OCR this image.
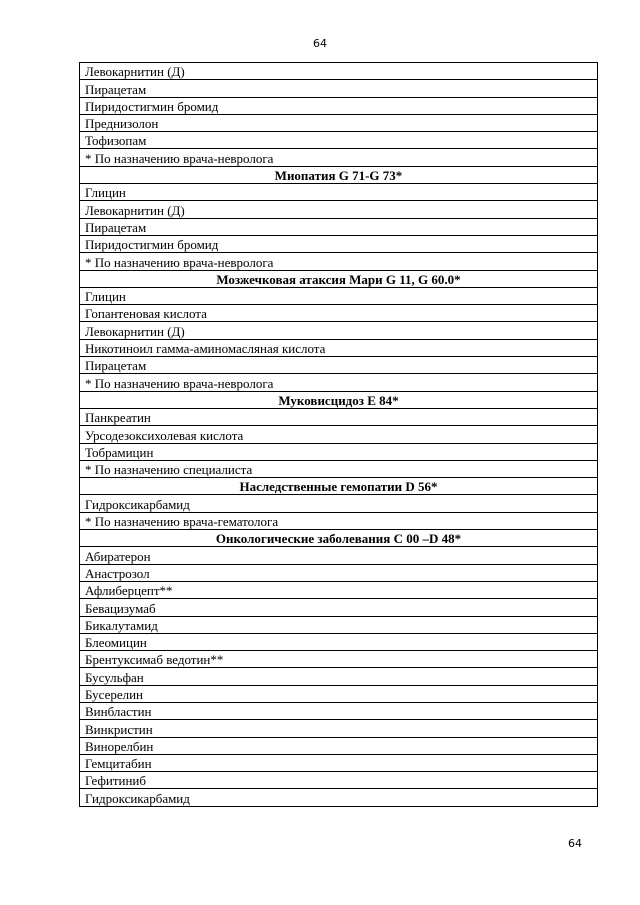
64
Левокарнитин (Д)
Пирацетам
Пиридостигмин бромид
Преднизолон
Тофизопам
* По назначению врача-невролога
Миопатия G 71-G 73*
Глицин
Левокарнитин (Д)
Пирацетам
Пиридостигмин бромид
* По назначению врача-невролога
Мозжечковая атаксия Мари G 11, G 60.0*
Глицин
Гопантеновая кислота
Левокарнитин (Д)
Никотиноил гамма-аминомасляная кислота
Пирацетам
* По назначению врача-невролога
Муковисцидоз Е 84*
Панкреатин
Урсодезоксихолевая кислота
Тобрамицин
* По назначению специалиста
Наследственные гемопатии D 56*
Гидроксикарбамид
* По назначению врача-гематолога
Онкологические заболевания С 00 –D 48*
Абиратерон
Анастрозол
Афлиберцепт**
Бевацизумаб
Бикалутамид
Блеомицин
Брентуксимаб ведотин**
Бусульфан
Бусерелин
Винбластин
Винкристин
Винорелбин
Гемцитабин
Гефитиниб
Гидроксикарбамид
64
